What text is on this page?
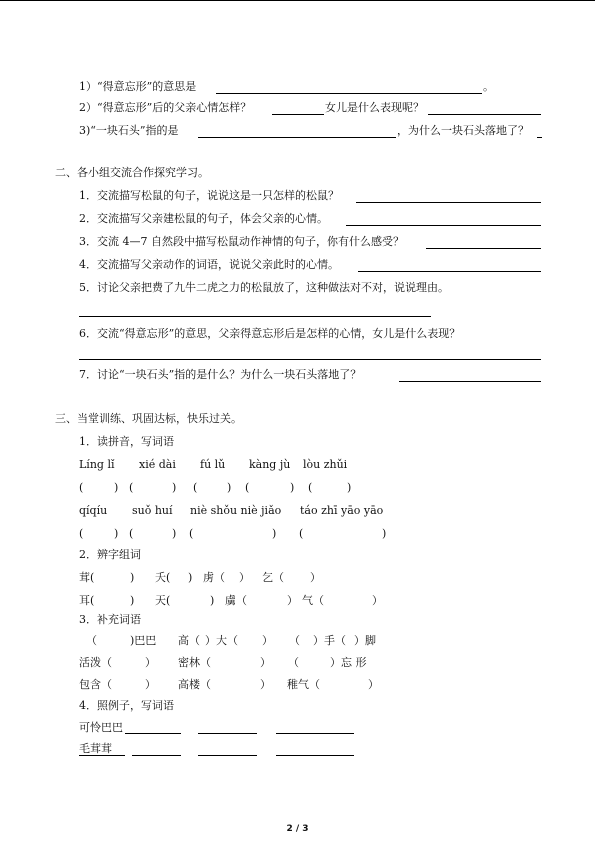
1）“得意忘形”的意思是	。
2）“得意忘形”后的父亲心情怎样？	女儿是什么表现呢？
3)“一块石头”指的是	，为什么一块石头落地了？
二、各小组交流合作探究学习。
1．交流描写松鼠的句子，说说这是一只怎样的松鼠？
2．交流描写父亲建松鼠的句子，体会父亲的心情。
3．交流 4—7 自然段中描写松鼠动作神情的句子，你有什么感受？
4．交流描写父亲动作的词语，说说父亲此时的心情。
5．讨论父亲把费了九牛二虎之力的松鼠放了，这种做法对不对，说说理由。
6．交流“得意忘形”的意思，父亲得意忘形后是怎样的心情，女儿是什么表现？
7．讨论“一块石头”指的是什么？为什么一块石头落地了？
三、当堂训练、巩固达标，快乐过关。
1．读拼音，写词语
Líng lǐ xié dài fú lǔ kàng jù lòu zhǔi
(	) (	) (	) (	) (	)
qíqíu suǒ huí niè shǒu niè jiǎo táo zhī yāo yāo
(	) (	) (	) (	)
2．辨字组词
茸(	) 夭( ) 虏（ ） 乞（ ）
耳(	) 天(	) 虜（	） 气（	）
3．补充词语
（	)巴巴 高（ ）大（ ） （ ）手（ ）脚
活泼（	） 密林（	） （	）忘 形
包含（	） 高楼（	） 稚气（	）
4．照例子，写词语
可怜巴巴
毛茸茸
2 / 3
